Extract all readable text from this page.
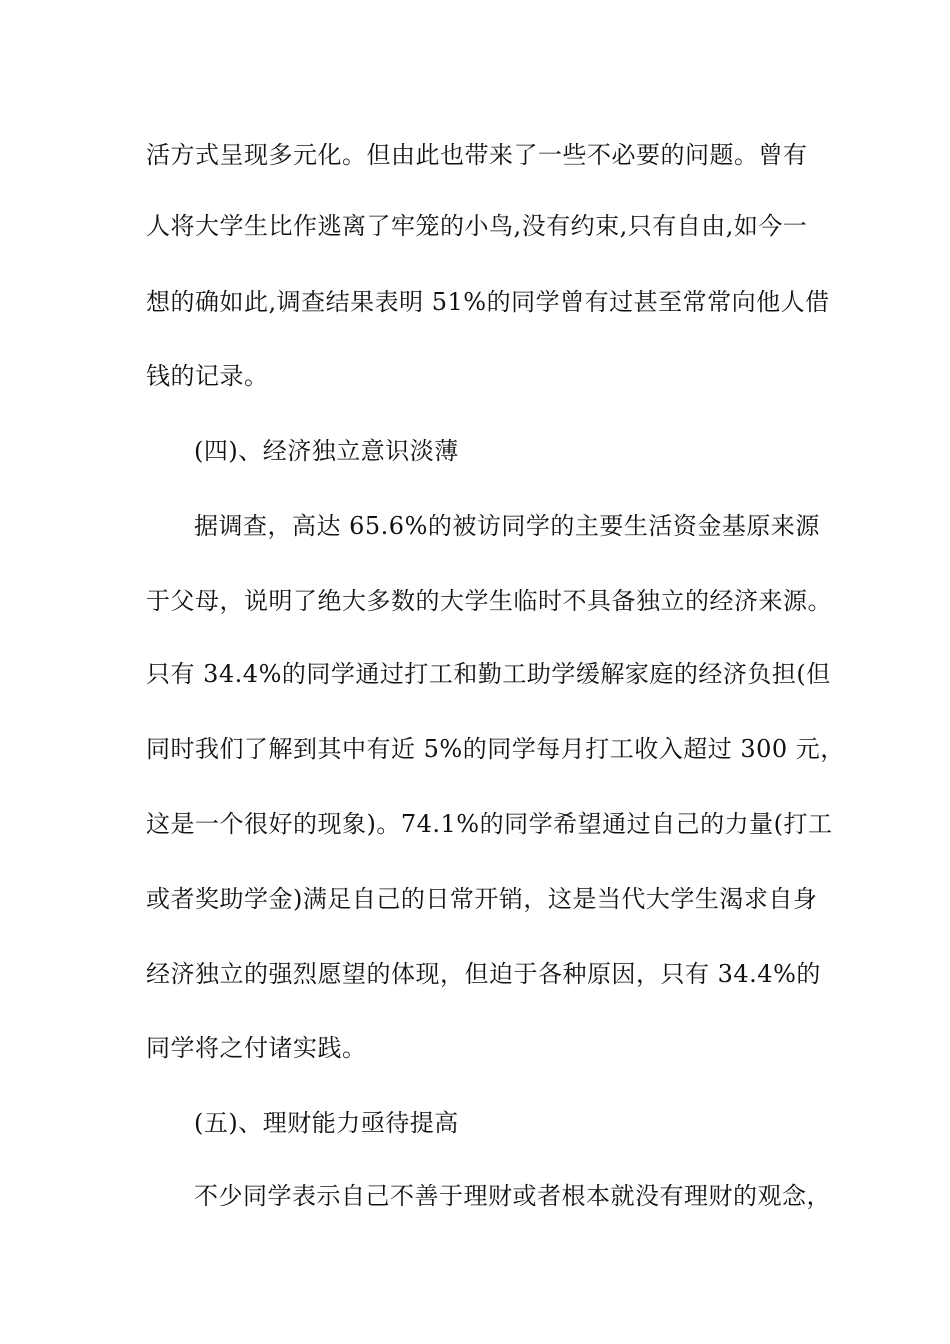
活方式呈现多元化。但由此也带来了一些不必要的问题。曾有
人将大学生比作逃离了牢笼的小鸟,没有约束,只有自由,如今一
想的确如此,调查结果表明 51%的同学曾有过甚至常常向他人借
钱的记录。
(四)、经济独立意识淡薄
据调查，高达 65.6%的被访同学的主要生活资金基原来源
于父母，说明了绝大多数的大学生临时不具备独立的经济来源。
只有 34.4%的同学通过打工和勤工助学缓解家庭的经济负担(但
同时我们了解到其中有近 5%的同学每月打工收入超过 300 元，
这是一个很好的现象)。74.1%的同学希望通过自己的力量(打工
或者奖助学金)满足自己的日常开销，这是当代大学生渴求自身
经济独立的强烈愿望的体现，但迫于各种原因，只有 34.4%的
同学将之付诸实践。
(五)、理财能力亟待提高
不少同学表示自己不善于理财或者根本就没有理财的观念，
